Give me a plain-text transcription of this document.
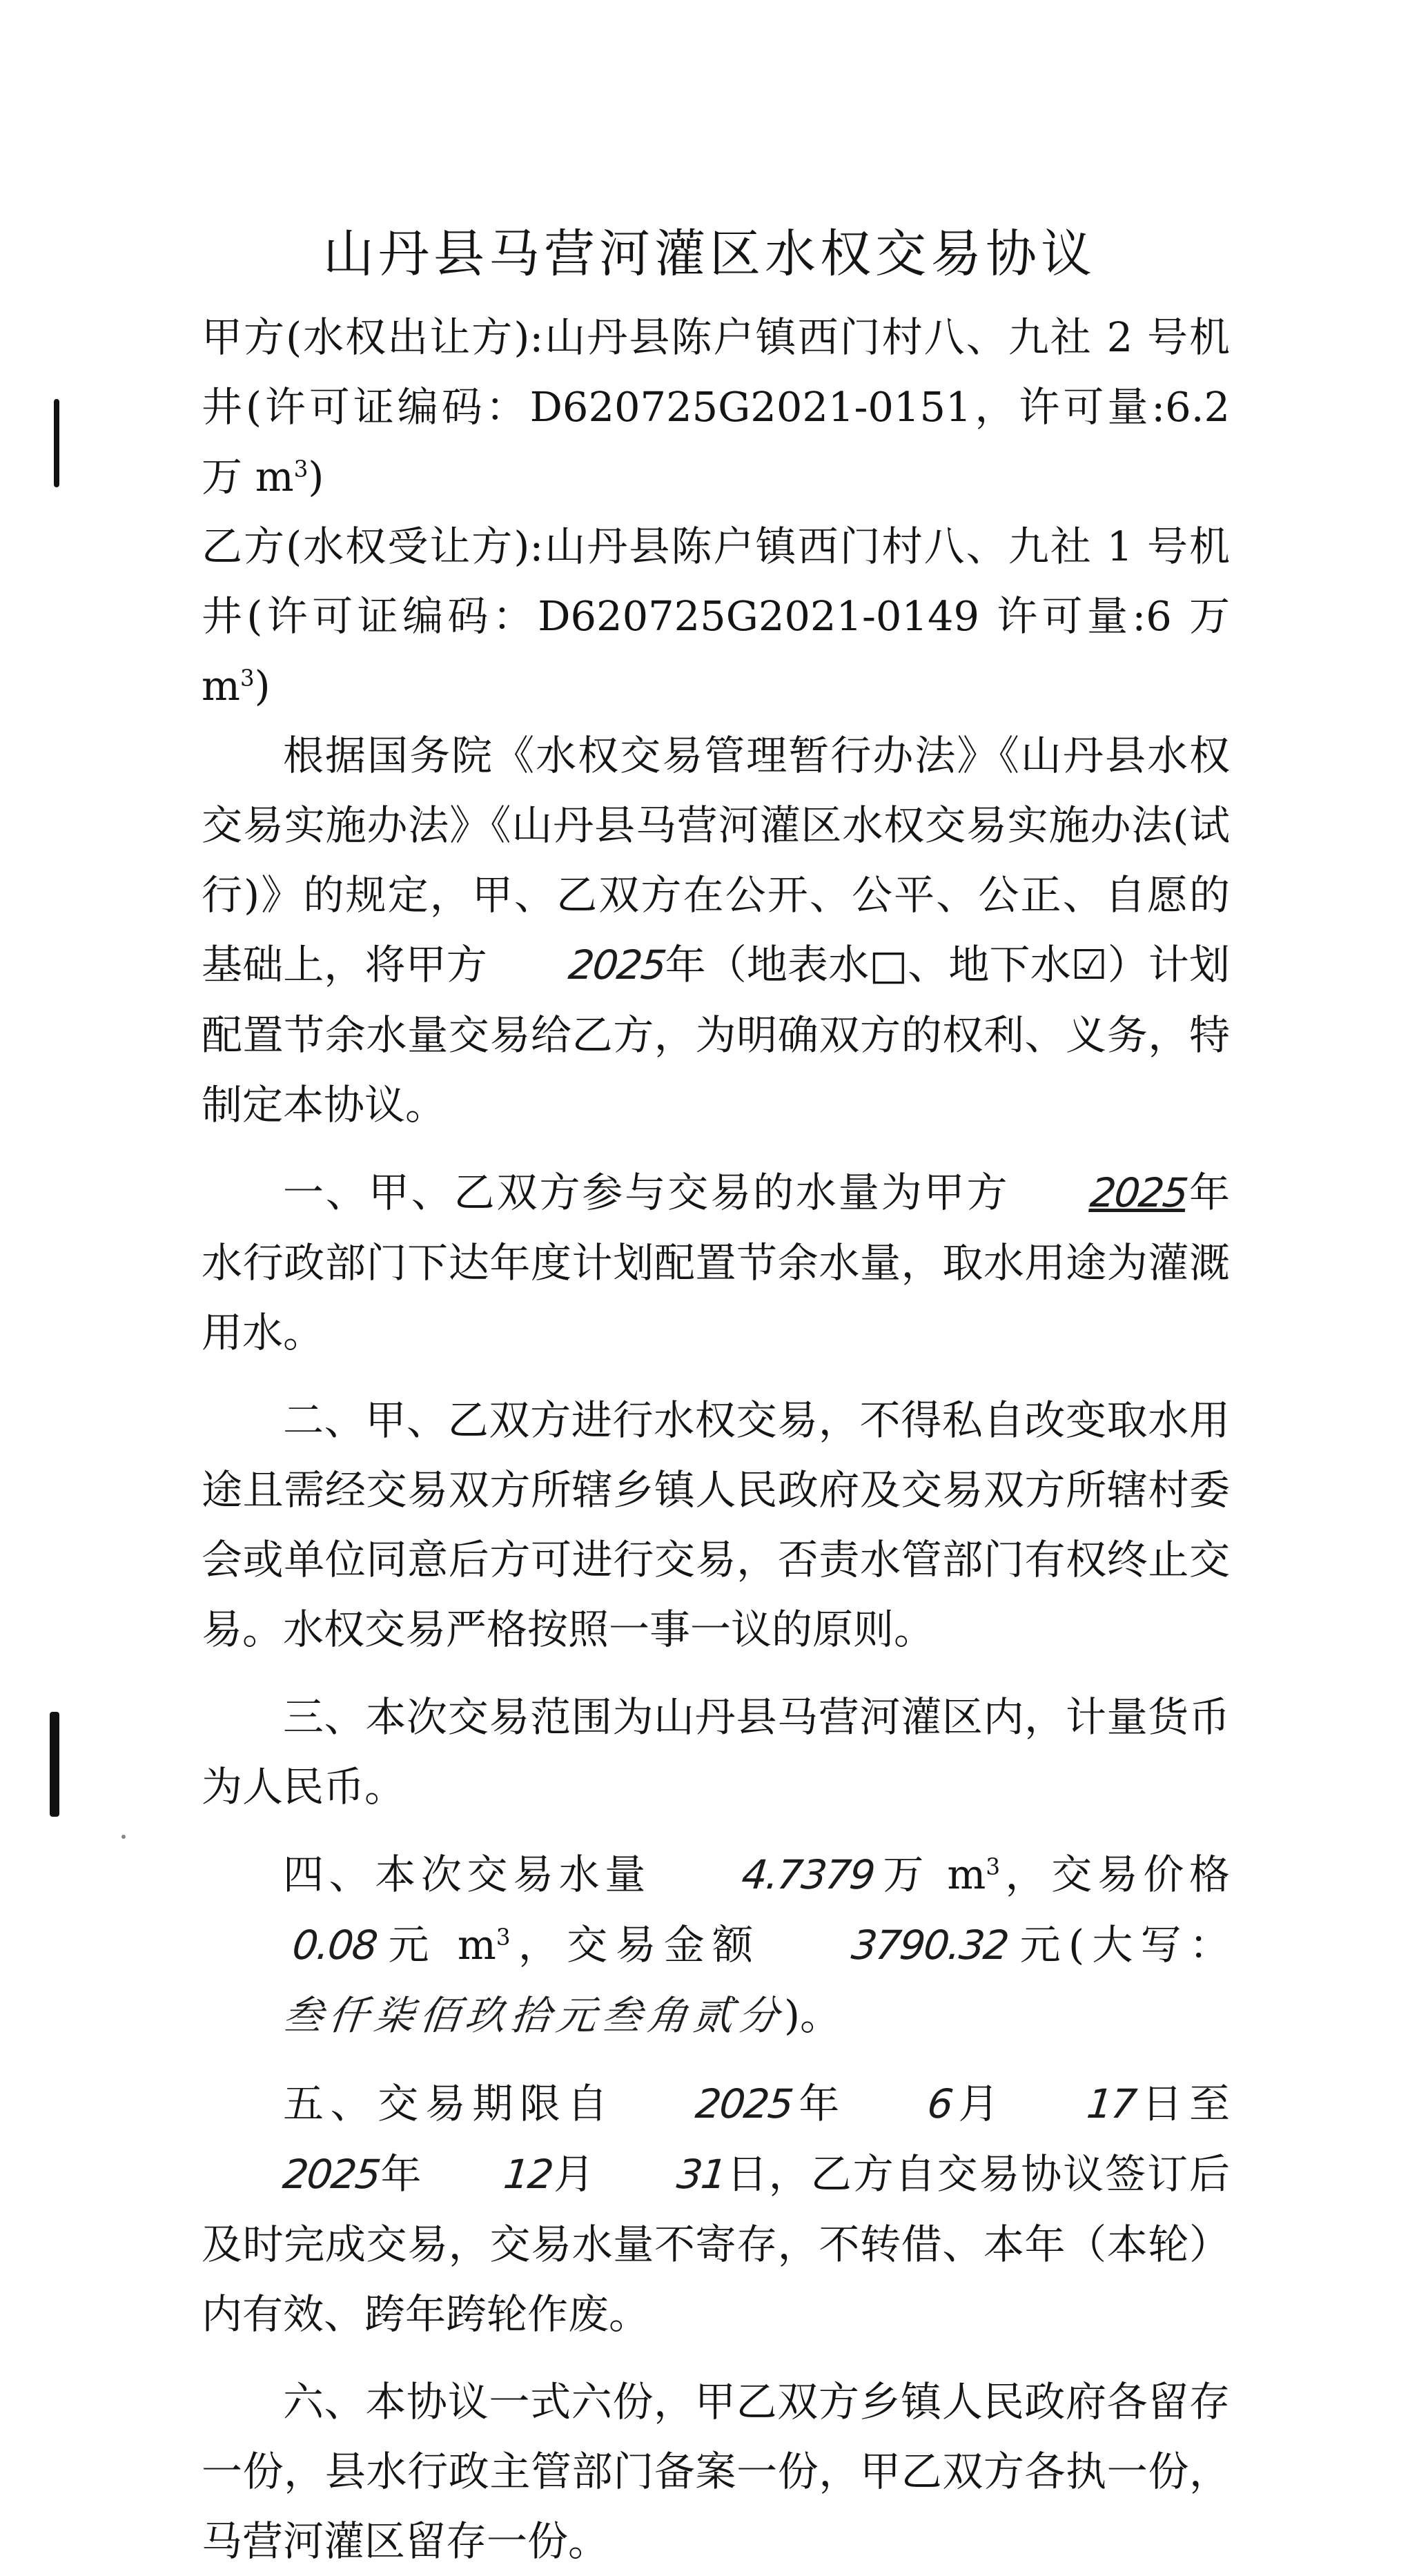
山丹县马营河灌区水权交易协议

甲方(水权出让方):山丹县陈户镇西门村八、九社 2 号机井(许可证编码：D620725G2021-0151，许可量:6.2 万 $m^3$)

乙方(水权受让方):山丹县陈户镇西门村八、九社 1 号机井(许可证编码：D620725G2021-0149 许可量:6 万 $m^3$)

根据国务院《水权交易管理暂行办法》《山丹县水权交易实施办法》《山丹县马营河灌区水权交易实施办法(试行)》的规定，甲、乙双方在公开、公平、公正、自愿的基础上，将甲方 2025年（地表水□、地下水☑）计划配置节余水量交易给乙方，为明确双方的权利、义务，特制定本协议。

一、甲、乙双方参与交易的水量为甲方 2025年水行政部门下达年度计划配置节余水量，取水用途为灌溉用水。

二、甲、乙双方进行水权交易，不得私自改变取水用途且需经交易双方所辖乡镇人民政府及交易双方所辖村委会或单位同意后方可进行交易，否责水管部门有权终止交易。水权交易严格按照一事一议的原则。

三、本次交易范围为山丹县马营河灌区内，计量货币为人民币。

四、本次交易水量 4.7379万 $m^3$，交易价格0.08元 $m^3$，交易金额 3790.32元(大写：叁仟柒佰玖拾元叁角贰分)。

五、交易期限自 2025年 6月 17日至2025年 12月 31日，乙方自交易协议签订后及时完成交易，交易水量不寄存，不转借、本年（本轮）内有效、跨年跨轮作废。

六、本协议一式六份，甲乙双方乡镇人民政府各留存一份，县水行政主管部门备案一份，甲乙双方各执一份，马营河灌区留存一份。
